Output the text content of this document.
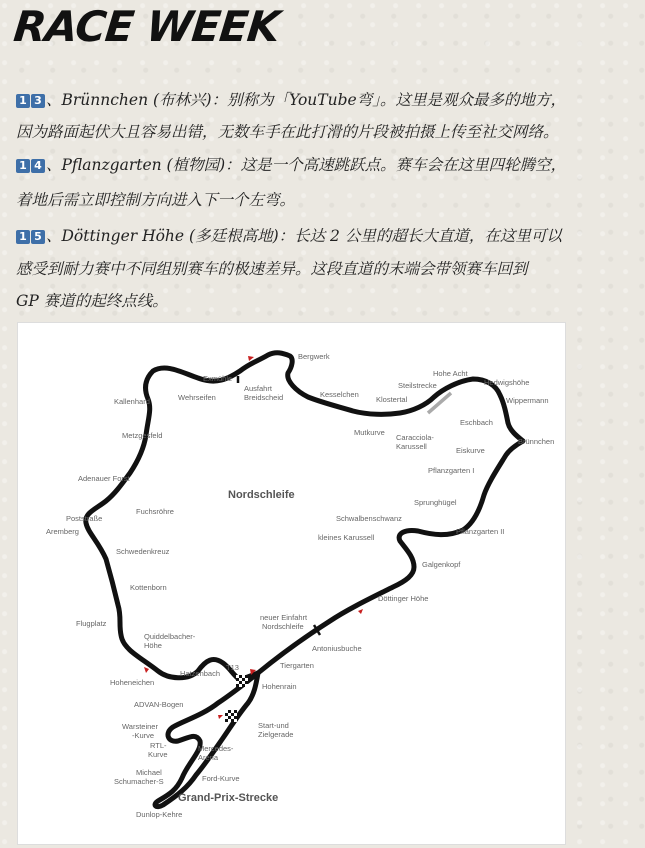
RACE WEEK
1 3 、Brünnchen (布林兴)：别称为「YouTube弯」。这里是观众最多的地方，
因为路面起伏大且容易出错，无数车手在此打滑的片段被拍摄上传至社交网络。
1 4 、Pflanzgarten (植物园)：这是一个高速跳跃点。赛车会在这里四轮腾空，
着地后需立即控制方向进入下一个左弯。
1 5 、Döttinger Höhe (多廷根高地)：长达 2 公里的超长大直道，在这里可以
感受到耐力赛中不同组别赛车的极速差异。这段直道的末端会带领赛车回到
GP 赛道的起终点线。
Nordschleife
Grand-Prix-Strecke
T13
Bergwerk
Exmühle
Ausfahrt
Breidscheid
Kallenhard	Wehrseifen	Kesselchen
Klostertal
Steilstrecke
Hohe Acht
Hedwigshöhe
Wippermann
Eschbach
Brünnchen
Eiskurve
Mutkurve
Caracciola-
Karussell
Metzgesfeld
Adenauer Forst
Pflanzgarten I
Sprunghügel
Pflanzgarten II
Schwalbenschwanz
kleines Karussell
Fuchsröhre
Poststraße
Aremberg
Schwedenkreuz
Galgenkopf
Kottenborn
Döttinger Höhe
neuer Einfahrt
Nordschleife
Flugplatz
Quiddelbacher-
Höhe	Antoniusbuche
Tiergarten
Hatzenbach
Hoheneichen	Hohenrain
ADVAN-Bogen
Start-und
Zielgerade
Warsteiner
-Kurve
RTL-
Kurve
Mercedes-
Arena
Michael
Schumacher-S	Ford-Kurve
Dunlop-Kehre
